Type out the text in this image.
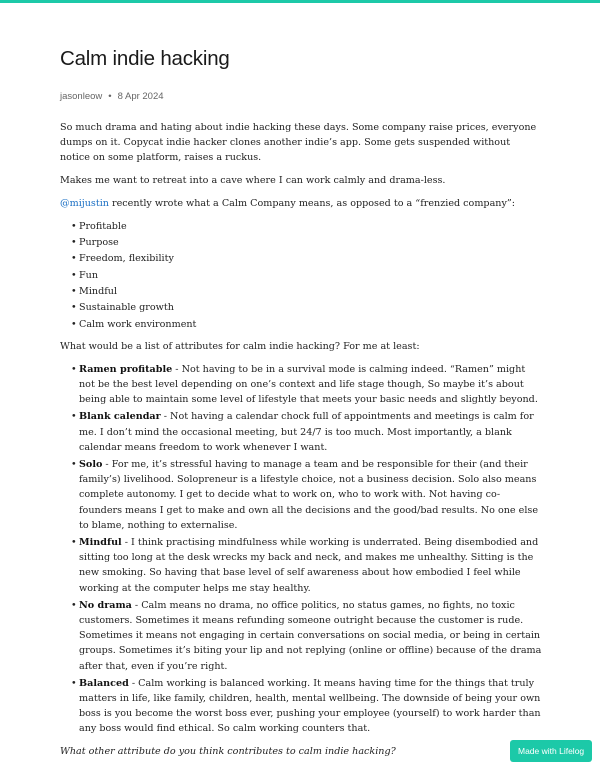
Calm indie hacking
jasonleow • 8 Apr 2024

So much drama and hating about indie hacking these days. Some company raise prices, everyone dumps on it. Copycat indie hacker clones another indie’s app. Some gets suspended without notice on some platform, raises a ruckus.

Makes me want to retreat into a cave where I can work calmly and drama-less.

@mijustin recently wrote what a Calm Company means, as opposed to a “frenzied company”:

• Profitable
• Purpose
• Freedom, flexibility
• Fun
• Mindful
• Sustainable growth
• Calm work environment

What would be a list of attributes for calm indie hacking? For me at least:

• Ramen profitable - Not having to be in a survival mode is calming indeed. “Ramen” might not be the best level depending on one’s context and life stage though, So maybe it’s about being able to maintain some level of lifestyle that meets your basic needs and slightly beyond.
• Blank calendar - Not having a calendar chock full of appointments and meetings is calm for me. I don’t mind the occasional meeting, but 24/7 is too much. Most importantly, a blank calendar means freedom to work whenever I want.
• Solo - For me, it’s stressful having to manage a team and be responsible for their (and their family’s) livelihood. Solopreneur is a lifestyle choice, not a business decision. Solo also means complete autonomy. I get to decide what to work on, who to work with. Not having co-founders means I get to make and own all the decisions and the good/bad results. No one else to blame, nothing to externalise.
• Mindful - I think practising mindfulness while working is underrated. Being disembodied and sitting too long at the desk wrecks my back and neck, and makes me unhealthy. Sitting is the new smoking. So having that base level of self awareness about how embodied I feel while working at the computer helps me stay healthy.
• No drama - Calm means no drama, no office politics, no status games, no fights, no toxic customers. Sometimes it means refunding someone outright because the customer is rude. Sometimes it means not engaging in certain conversations on social media, or being in certain groups. Sometimes it’s biting your lip and not replying (online or offline) because of the drama after that, even if you’re right.
• Balanced - Calm working is balanced working. It means having time for the things that truly matters in life, like family, children, health, mental wellbeing. The downside of being your own boss is you become the worst boss ever, pushing your employee (yourself) to work harder than any boss would find ethical. So calm working counters that.

What other attribute do you think contributes to calm indie hacking?	Made with Lifelog
